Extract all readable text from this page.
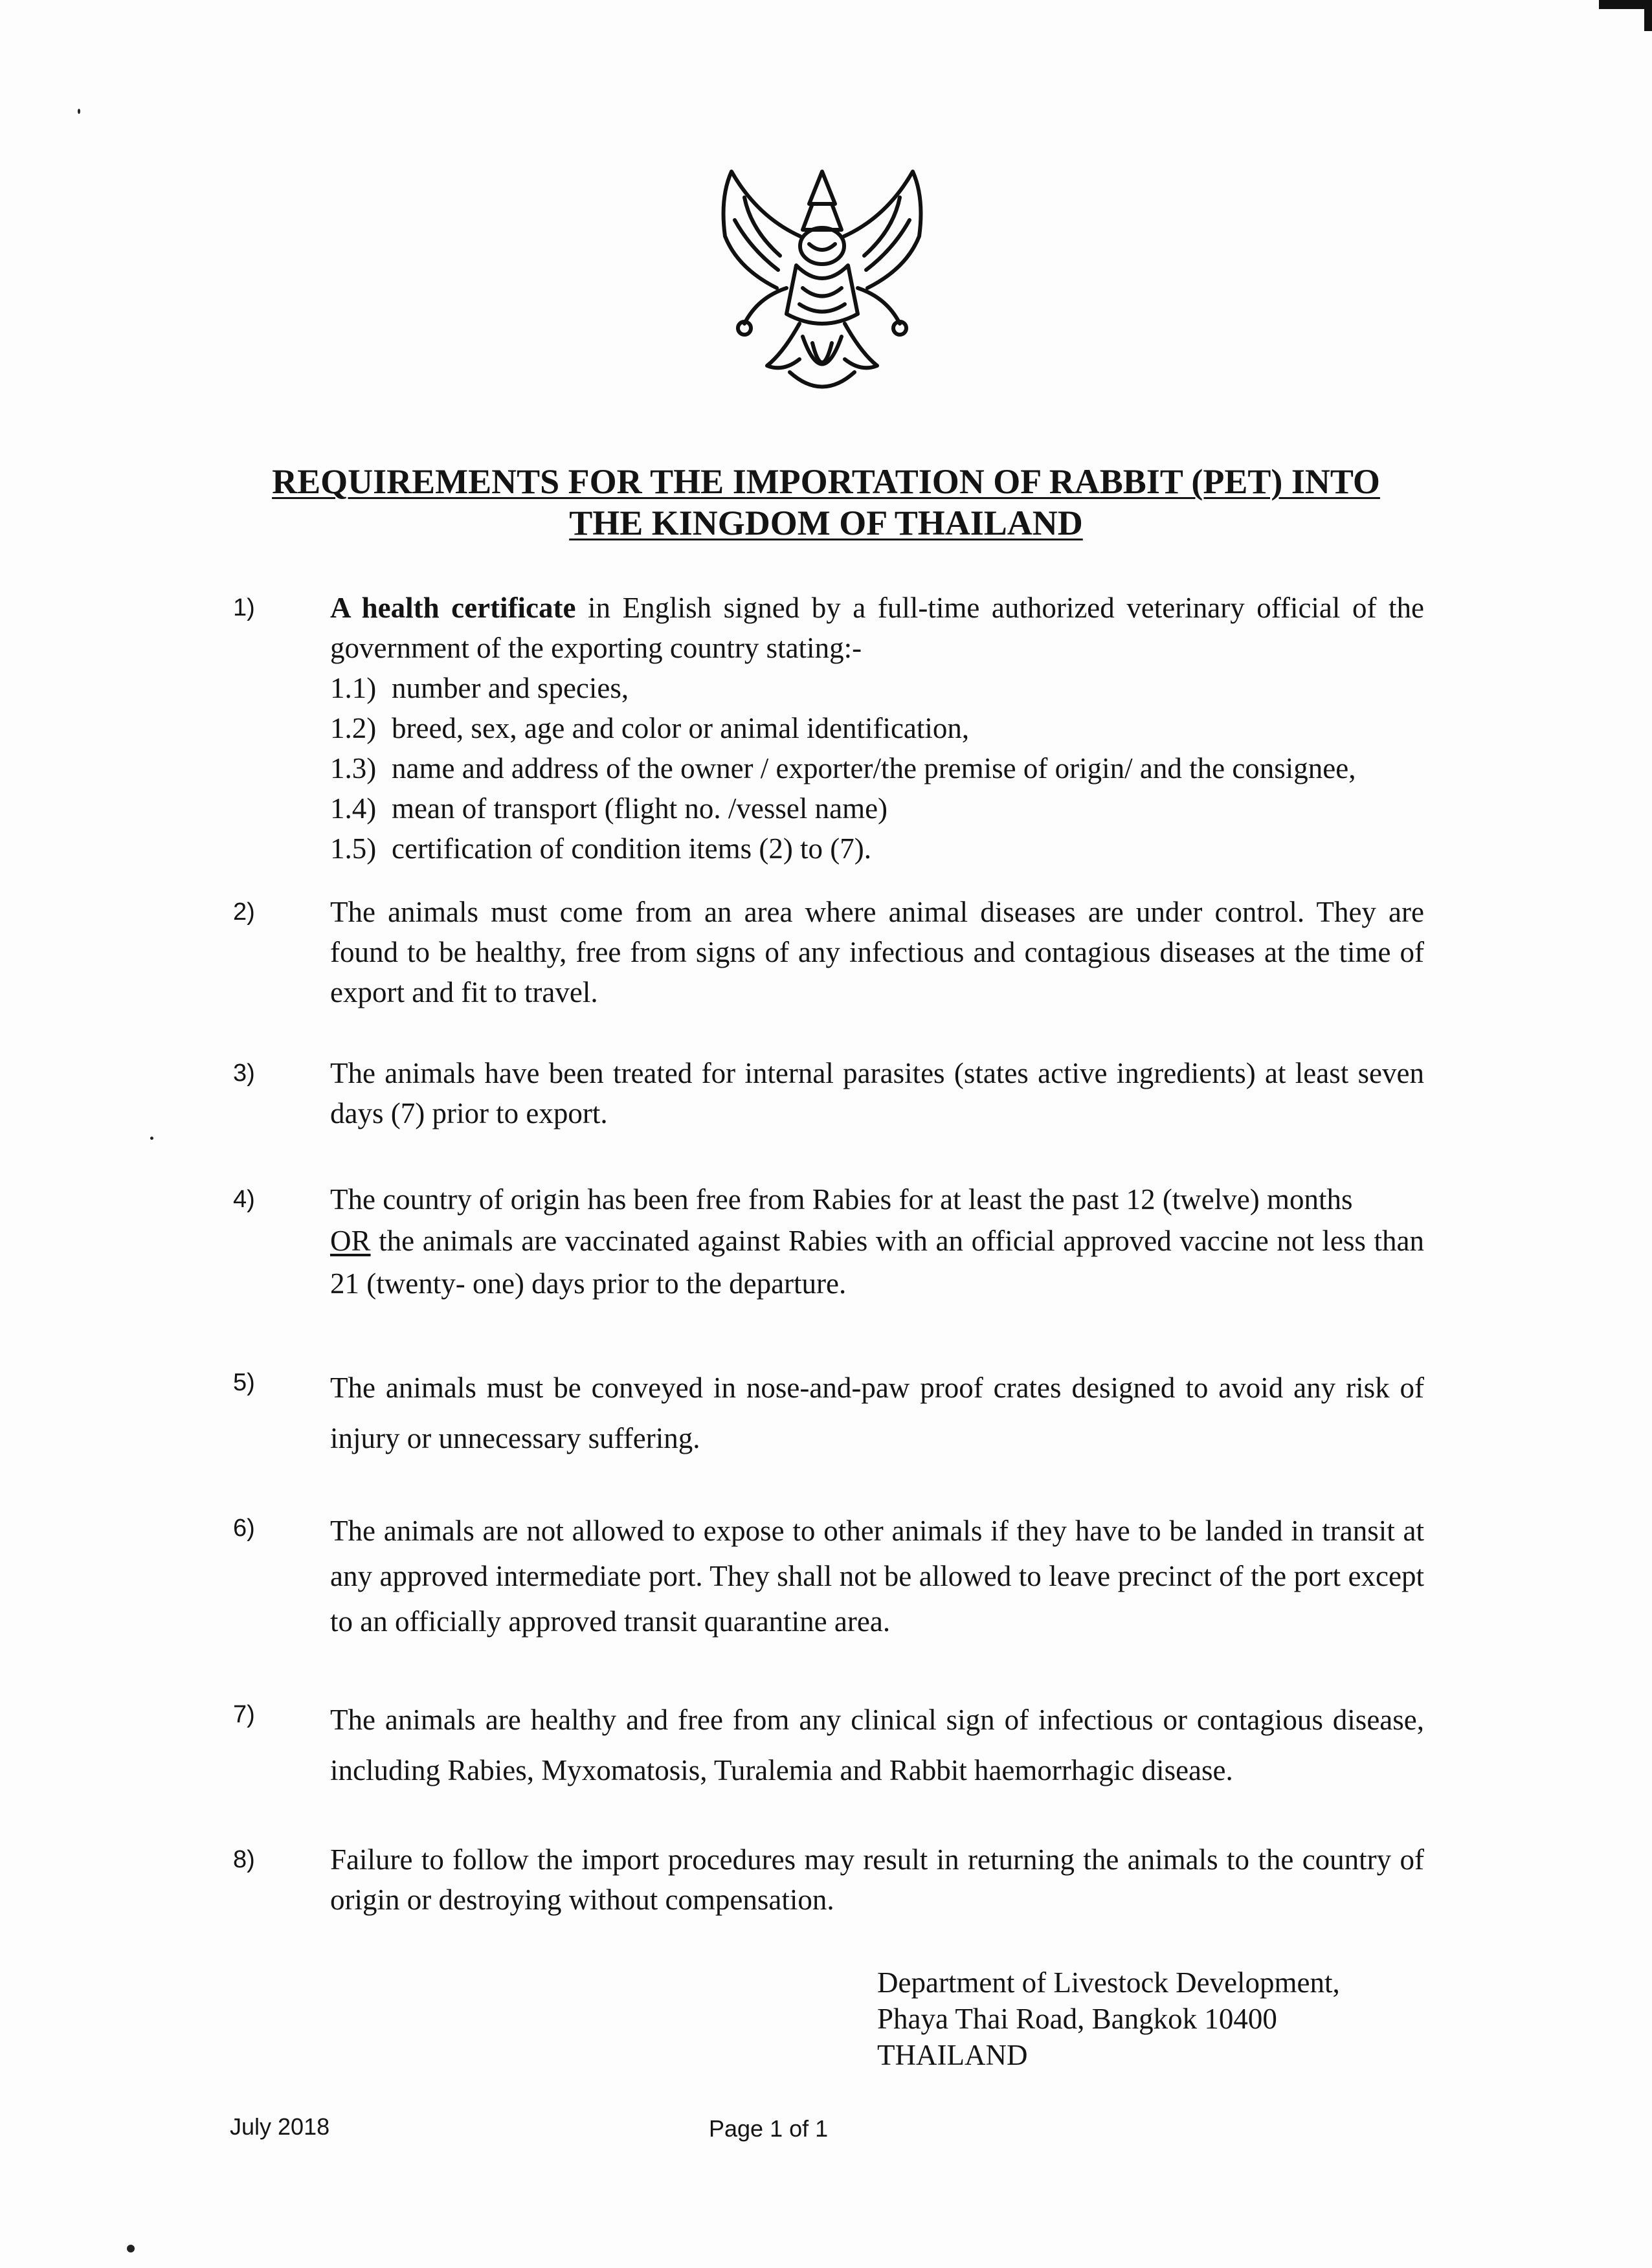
REQUIREMENTS FOR THE IMPORTATION OF RABBIT (PET) INTO
THE KINGDOM OF THAILAND
1)	A health certificate in English signed by a full-time authorized veterinary official of the government of the exporting country stating:-

1.1) number and species,
1.2) breed, sex, age and color or animal identification,
1.3) name and address of the owner / exporter/the premise of origin/ and the consignee,
1.4) mean of transport (flight no. /vessel name)
1.5) certification of condition items (2) to (7).
2)	The animals must come from an area where animal diseases are under control. They are found to be healthy, free from signs of any infectious and contagious diseases at the time of export and fit to travel.
3)	The animals have been treated for internal parasites (states active ingredients) at least seven days (7) prior to export.
4)	The country of origin has been free from Rabies for at least the past 12 (twelve) months
OR the animals are vaccinated against Rabies with an official approved vaccine not less than 21 (twenty- one) days prior to the departure.
5)	The animals must be conveyed in nose-and-paw proof crates designed to avoid any risk of injury or unnecessary suffering.
6)	The animals are not allowed to expose to other animals if they have to be landed in transit at any approved intermediate port. They shall not be allowed to leave precinct of the port except to an officially approved transit quarantine area.
7)	The animals are healthy and free from any clinical sign of infectious or contagious disease, including Rabies, Myxomatosis, Turalemia and Rabbit haemorrhagic disease.
8)	Failure to follow the import procedures may result in returning the animals to the country of origin or destroying without compensation.
Department of Livestock Development,
Phaya Thai Road, Bangkok 10400
THAILAND
July 2018	Page 1 of 1
